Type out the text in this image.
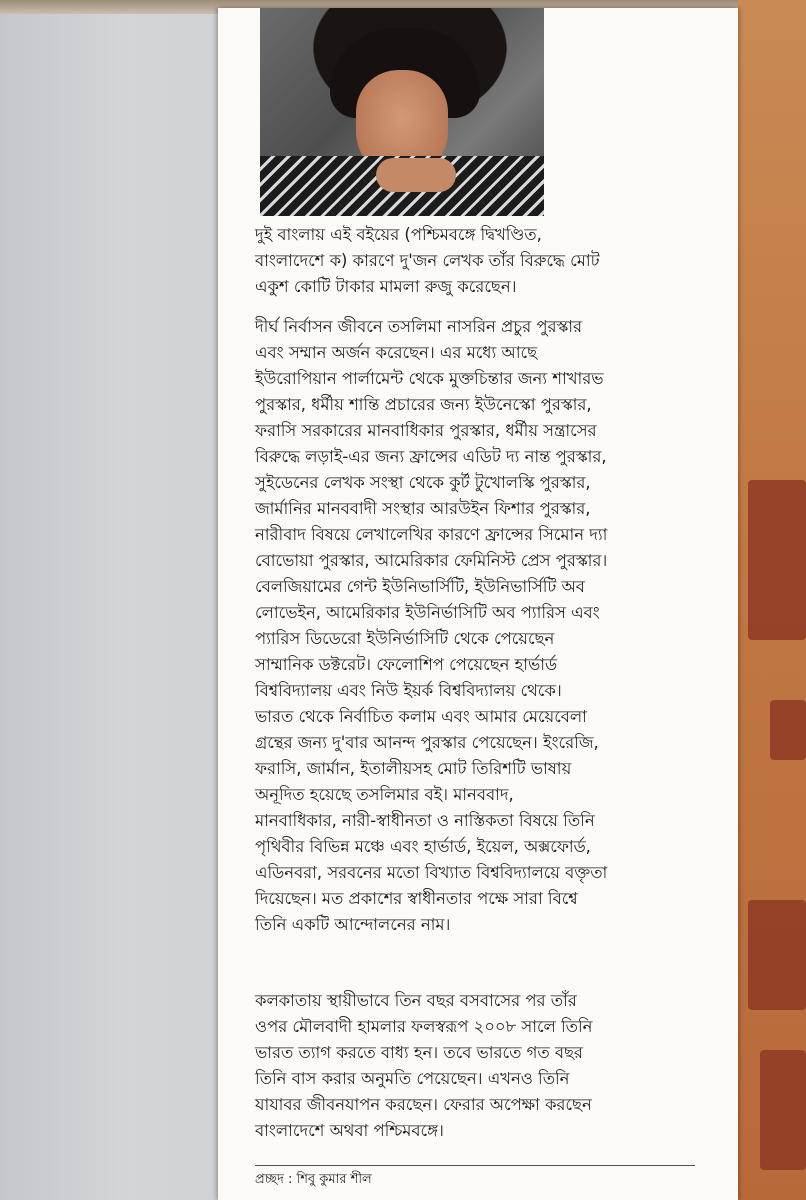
দুই বাংলায় এই বইয়ের (পশ্চিমবঙ্গে দ্বিখণ্ডিত,
বাংলাদেশে ক) কারণে দু'জন লেখক তাঁর বিরুদ্ধে মোট
একুশ কোটি টাকার মামলা রুজু করেছেন।
দীর্ঘ নির্বাসন জীবনে তসলিমা নাসরিন প্রচুর পুরস্কার
এবং সম্মান অর্জন করেছেন। এর মধ্যে আছে
ইউরোপিয়ান পার্লামেন্ট থেকে মুক্তচিন্তার জন্য শাখারভ
পুরস্কার, ধর্মীয় শান্তি প্রচারের জন্য ইউনেস্কো পুরস্কার,
ফরাসি সরকারের মানবাধিকার পুরস্কার, ধর্মীয় সন্ত্রাসের
বিরুদ্ধে লড়াই-এর জন্য ফ্রান্সের এডিট দ্য নান্ত পুরস্কার,
সুইডেনের লেখক সংস্থা থেকে কুর্ট টুখোলস্কি পুরস্কার,
জার্মানির মানববাদী সংস্থার আরউইন ফিশার পুরস্কার,
নারীবাদ বিষয়ে লেখালেখির কারণে ফ্রান্সের সিমোন দ্যা
বোভোয়া পুরস্কার, আমেরিকার ফেমিনিস্ট প্রেস পুরস্কার।
বেলজিয়ামের গেন্ট ইউনিভার্সিটি, ইউনিভার্সিটি অব
লোভেইন, আমেরিকার ইউনির্ভাসিটি অব প্যারিস এবং
প্যারিস ডিডেরো ইউনির্ভাসিটি থেকে পেয়েছেন
সাম্মানিক ডক্টরেট। ফেলোশিপ পেয়েছেন হার্ভার্ড
বিশ্ববিদ্যালয় এবং নিউ ইয়র্ক বিশ্ববিদ্যালয় থেকে।
ভারত থেকে নির্বাচিত কলাম এবং আমার মেয়েবেলা
গ্রন্থের জন্য দু'বার আনন্দ পুরস্কার পেয়েছেন। ইংরেজি,
ফরাসি, জার্মান, ইতালীয়সহ মোট তিরিশটি ভাষায়
অনূদিত হয়েছে তসলিমার বই। মানববাদ,
মানবাধিকার, নারী-স্বাধীনতা ও নাস্তিকতা বিষয়ে তিনি
পৃথিবীর বিভিন্ন মঞ্চে এবং হার্ভার্ড, ইয়েল, অক্সফোর্ড,
এডিনবরা, সরবনের মতো বিখ্যাত বিশ্ববিদ্যালয়ে বক্তৃতা
দিয়েছেন। মত প্রকাশের স্বাধীনতার পক্ষে সারা বিশ্বে
তিনি একটি আন্দোলনের নাম।
কলকাতায় স্থায়ীভাবে তিন বছর বসবাসের পর তাঁর
ওপর মৌলবাদী হামলার ফলস্বরূপ ২০০৮ সালে তিনি
ভারত ত্যাগ করতে বাধ্য হন। তবে ভারতে গত বছর
তিনি বাস করার অনুমতি পেয়েছেন। এখনও তিনি
যাযাবর জীবনযাপন করছেন। ফেরার অপেক্ষা করছেন
বাংলাদেশে অথবা পশ্চিমবঙ্গে।
প্রচ্ছদ : শিবু কুমার শীল
